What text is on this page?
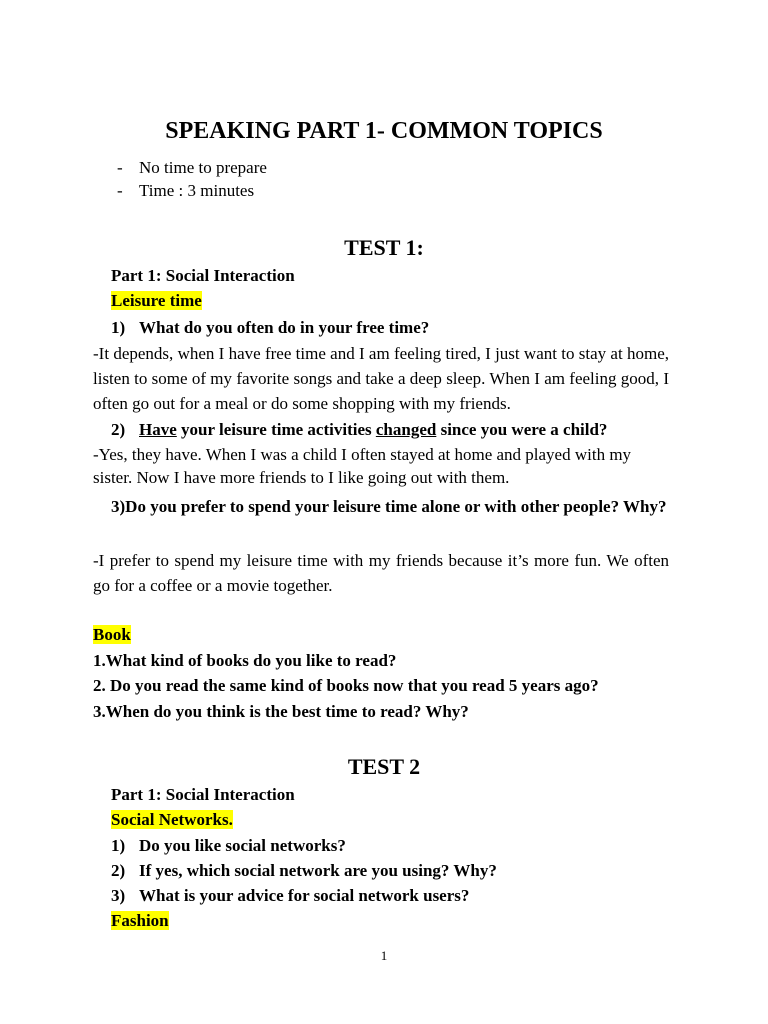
SPEAKING PART 1- COMMON TOPICS
- No time to prepare
- Time : 3 minutes
TEST 1:
Part 1: Social Interaction
Leisure time
1) What do you often do in your free time?
-It depends, when I have free time and I am feeling tired, I just want to stay at home, listen to some of my favorite songs and take a deep sleep. When I am feeling good, I often go out for a meal or do some shopping with my friends.
2) Have your leisure time activities changed since you were a child?
-Yes, they have. When I was a child I often stayed at home and played with my sister. Now I have more friends to I like going out with them.
3)Do you prefer to spend your leisure time alone or with other people? Why?
-I prefer to spend my leisure time with my friends because it’s more fun. We often go for a coffee or a movie together.
Book
1.What kind of books do you like to read?
2. Do you read the same kind of books now that you read 5 years ago?
3.When do you think is the best time to read? Why?
TEST 2
Part 1: Social Interaction
Social Networks.
1) Do you like social networks?
2) If yes, which social network are you using? Why?
3) What is your advice for social network users?
Fashion
1
